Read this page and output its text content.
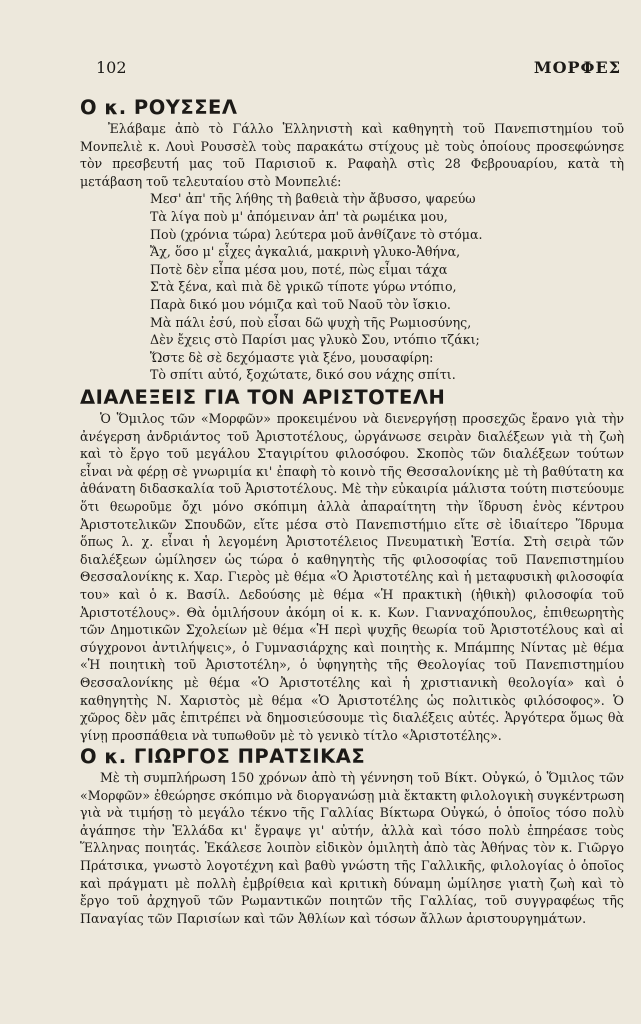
102	ΜΟΡΦΕΣ
Ο κ. ΡΟΥΣΣΕΛ

Ἐλάβαμε ἀπὸ τὸ Γάλλο Ἑλληνιστὴ καὶ καθηγητὴ τοῦ Πανεπιστημίου τοῦ Μονπελιὲ κ. Λουὶ Ρουσσὲλ τοὺς παρακάτω στίχους μὲ τοὺς ὁποίους προσεφώνησε τὸν πρεσβευτή μας τοῦ Παρισιοῦ κ. Ραφαὴλ στὶς 28 Φεβρουαρίου, κατὰ τὴ μετάβαση τοῦ τελευταίου στὸ Μονπελιέ:

Μεσ' ἀπ' τῆς λήθης τὴ βαθειὰ τὴν ἄβυσσο, ψαρεύω
Τὰ λίγα ποὺ μ' ἀπόμειναν ἀπ' τὰ ρωμέικα μου,
Ποὺ (χρόνια τώρα) λεύτερα μοῦ ἀνθίζανε τὸ στόμα.
Ἄχ, ὅσο μ' εἶχες ἀγκαλιά, μακρινὴ γλυκο-Ἀθήνα,
Ποτὲ δὲν εἶπα μέσα μου, ποτέ, πὼς εἶμαι τάχα
Στὰ ξένα, καὶ πιὰ δὲ γρικῶ τίποτε γύρω ντόπιο,
Παρὰ δικό μου νόμιζα καὶ τοῦ Ναοῦ τὸν ἴσκιο.
Μὰ πάλι ἐσύ, ποὺ εἶσαι δῶ ψυχὴ τῆς Ρωμιοσύνης,
Δὲν ἔχεις στὸ Παρίσι μας γλυκὸ Σου, ντόπιο τζάκι;
Ὥστε δὲ σὲ δεχόμαστε γιὰ ξένο, μουσαφίρη:
Τὸ σπίτι αὐτό, ξοχώτατε, δικό σου νάχης σπίτι.
ΔΙΑΛΕΞΕΙΣ ΓΙΑ ΤΟΝ ΑΡΙΣΤΟΤΕΛΗ

Ὁ Ὅμιλος τῶν «Μορφῶν» προκειμένου νὰ διενεργήσῃ προσεχῶς ἔρανο γιὰ τὴν ἀνέγερση ἀνδριάντος τοῦ Ἀριστοτέλους, ὠργάνωσε σειρὰν διαλέξεων γιὰ τὴ ζωὴ καὶ τὸ ἔργο τοῦ μεγάλου Σταγιρίτου φιλοσόφου. Σκοπὸς τῶν διαλέξεων τούτων εἶναι νὰ φέρῃ σὲ γνωριμία κι' ἐπαφὴ τὸ κοινὸ τῆς Θεσσαλονίκης μὲ τὴ βαθύτατη κα ἀθάνατη διδασκαλία τοῦ Ἀριστοτέλους. Μὲ τὴν εὐκαιρία μάλιστα τούτη πιστεύουμε ὅτι θεωροῦμε ὄχι μόνο σκόπιμη ἀλλὰ ἀπαραίτητη τὴν ἵδρυση ἑνὸς κέντρου Ἀριστοτελικῶν Σπουδῶν, εἴτε μέσα στὸ Πανεπιστήμιο εἴτε σὲ ἰδιαίτερο Ἵδρυμα ὅπως λ. χ. εἶναι ἡ λεγομένη Ἀριστοτέλειος Πνευματικὴ Ἑστία. Στὴ σειρὰ τῶν διαλέξεων ὡμίλησεν ὡς τώρα ὁ καθηγητὴς τῆς φιλοσοφίας τοῦ Πανεπιστημίου Θεσσαλονίκης κ. Χαρ. Γιερὸς μὲ θέμα «Ὁ Ἀριστοτέλης καὶ ἡ μεταφυσικὴ φιλοσοφία του» καὶ ὁ κ. Βασίλ. Δεδούσης μὲ θέμα «Ἡ πρακτικὴ (ἠθικὴ) φιλοσοφία τοῦ Ἀριστοτέλους». Θὰ ὁμιλήσουν ἀκόμη οἱ κ. κ. Κων. Γιανναχόπουλος, ἐπιθεωρητὴς τῶν Δημοτικῶν Σχολείων μὲ θέμα «Ἡ περὶ ψυχῆς θεωρία τοῦ Ἀριστοτέλους καὶ αἱ σύγχρονοι ἀντιλήψεις», ὁ Γυμνασιάρχης καὶ ποιητὴς κ. Μπάμπης Νίντας μὲ θέμα «Ἡ ποιητικὴ τοῦ Ἀριστοτέλη», ὁ ὑφηγητὴς τῆς Θεολογίας τοῦ Πανεπιστημίου Θεσσαλονίκης μὲ θέμα «Ὁ Ἀριστοτέλης καὶ ἡ χριστιανικὴ θεολογία» καὶ ὁ καθηγητὴς Ν. Χαριστὸς μὲ θέμα «Ὁ Ἀριστοτέλης ὡς πολιτικὸς φιλόσοφος». Ὁ χῶρος δὲν μᾶς ἐπιτρέπει νὰ δημοσιεύσουμε τὶς διαλέξεις αὐτές. Ἀργότερα ὅμως θὰ γίνῃ προσπάθεια νὰ τυπωθοῦν μὲ τὸ γενικὸ τίτλο «Ἀριστοτέλης».

Ο κ. ΓΙΩΡΓΟΣ ΠΡΑΤΣΙΚΑΣ

Μὲ τὴ συμπλήρωση 150 χρόνων ἀπὸ τὴ γέννηση τοῦ Βίκτ. Οὐγκώ, ὁ Ὅμιλος τῶν «Μορφῶν» ἐθεώρησε σκόπιμο νὰ διοργανώσῃ μιὰ ἔκτακτη φιλολογικὴ συγκέντρωση γιὰ νὰ τιμήσῃ τὸ μεγάλο τέκνο τῆς Γαλλίας Βίκτωρα Οὐγκώ, ὁ ὁποῖος τόσο πολὺ ἀγάπησε τὴν Ἑλλάδα κι' ἔγραψε γι' αὐτήν, ἀλλὰ καὶ τόσο πολὺ ἐπηρέασε τοὺς Ἕλληνας ποιητάς. Ἐκάλεσε λοιπὸν εἰδικὸν ὁμιλητὴ ἀπὸ τὰς Ἀθήνας τὸν κ. Γιῶργο Πράτσικα, γνωστὸ λογοτέχνη καὶ βαθὺ γνώστη τῆς Γαλλικῆς, φιλολογίας ὁ ὁποῖος καὶ πράγματι μὲ πολλὴ ἐμβρίθεια καὶ κριτικὴ δύναμη ὡμίλησε γιατὴ ζωὴ καὶ τὸ ἔργο τοῦ ἀρχηγοῦ τῶν Ρωμαντικῶν ποιητῶν τῆς Γαλλίας, τοῦ συγγραφέως τῆς Παναγίας τῶν Παρισίων καὶ τῶν Ἀθλίων καὶ τόσων ἄλλων ἀριστουργημάτων.
